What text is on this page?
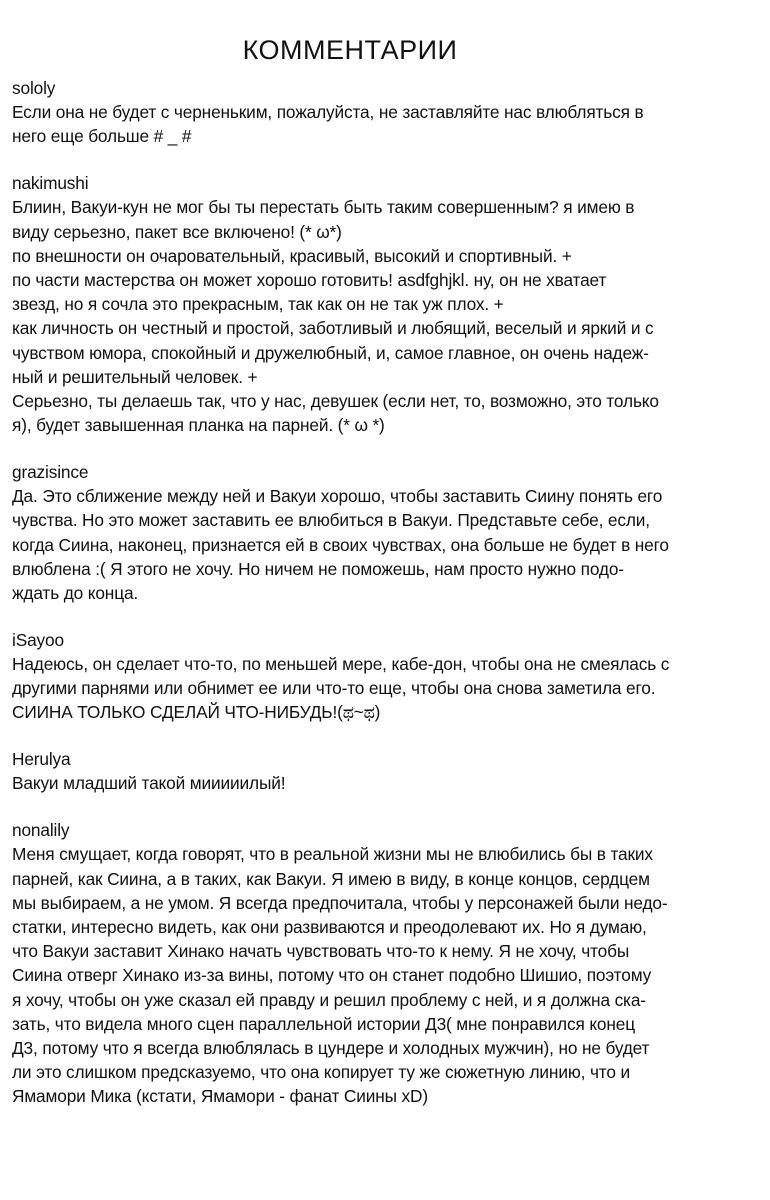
КОММЕНТАРИИ
sololy
Если она не будет с черненьким, пожалуйста, не заставляйте нас влюбляться в
него еще больше # _ #
nakimushi
Блиин, Вакуи-кун не мог бы ты перестать быть таким совершенным? я имею в
виду серьезно, пакет все включено! (* ω*)
по внешности он очаровательный, красивый, высокий и спортивный. +
по части мастерства он может хорошо готовить! asdfghjkl. ну, он не хватает
звезд, но я сочла это прекрасным, так как он не так уж плох. +
как личность он честный и простой, заботливый и любящий, веселый и яркий и с
чувством юмора, спокойный и дружелюбный, и, самое главное, он очень надеж-
ный и решительный человек. +
Серьезно, ты делаешь так, что у нас, девушек (если нет, то, возможно, это только
я), будет завышенная планка на парней. (* ω *)
grazisince
Да. Это сближение между ней и Вакуи хорошо, чтобы заставить Сиину понять его
чувства. Но это может заставить ее влюбиться в Вакуи. Представьте себе, если,
когда Сиина, наконец, признается ей в своих чувствах, она больше не будет в него
влюблена :( Я этого не хочу. Но ничем не поможешь, нам просто нужно подо-
ждать до конца.
iSayoo
Надеюсь, он сделает что-то, по меньшей мере, кабе-дон, чтобы она не смеялась с
другими парнями или обнимет ее или что-то еще, чтобы она снова заметила его.
СИИНА ТОЛЬКО СДЕЛАЙ ЧТО-НИБУДЬ!(ಥ~ಥ)
Herulya
Вакуи младший такой мииииилый!
nonalily
Меня смущает, когда говорят, что в реальной жизни мы не влюбились бы в таких
парней, как Сиина, а в таких, как Вакуи. Я имею в виду, в конце концов, сердцем
мы выбираем, а не умом. Я всегда предпочитала, чтобы у персонажей были недо-
статки, интересно видеть, как они развиваются и преодолевают их. Но я думаю,
что Вакуи заставит Хинако начать чувствовать что-то к нему. Я не хочу, чтобы
Сиина отверг Хинако из-за вины, потому что он станет подобно Шишио, поэтому
я хочу, чтобы он уже сказал ей правду и решил проблему с ней, и я должна ска-
зать, что видела много сцен параллельной истории Д3( мне понравился конец
Д3, потому что я всегда влюблялась в цундере и холодных мужчин), но не будет
ли это слишком предсказуемо, что она копирует ту же сюжетную линию, что и
Ямамори Мика (кстати, Ямамори - фанат Сиины xD)
